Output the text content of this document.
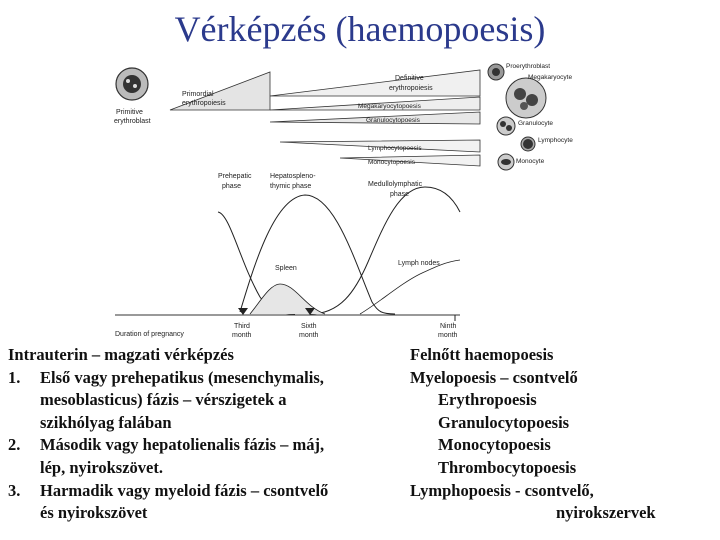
Vérképzés (haemopoesis)
Primitive
erythroblast
Primordial
erythropoiesis
Definitive
erythropoiesis
Megakaryocytopoesis
Granulocytopoesis
Lymphocytopoesis
Monocytopoesis
Proerythroblast
Megakaryocyte
Granulocyte
Lymphocyte
Monocyte
Prehepatic
phase
Hepatosplenо-
thymic phase	Medullolymphatic
phase
Spleen
Lymph nodes
Duration of pregnancy
Third
month
Sixth
month
Ninth
month
Intrauterin – magzati vérképzés
1.	Első vagy prehepatikus (mesenchymalis,
mesoblasticus) fázis – vérszigetek a
szikhólyag falában
2.	Második vagy hepatolienalis fázis – máj,
lép, nyirokszövet.
3.	Harmadik vagy myeloid fázis – csontvelő
és nyirokszövet
Felnőtt haemopoesis
Myelopoesis – csontvelő
Erythropoesis
Granulocytopoesis
Monocytopoesis
Thrombocytopoesis
Lymphopoesis - csontvelő,
nyirokszervek
